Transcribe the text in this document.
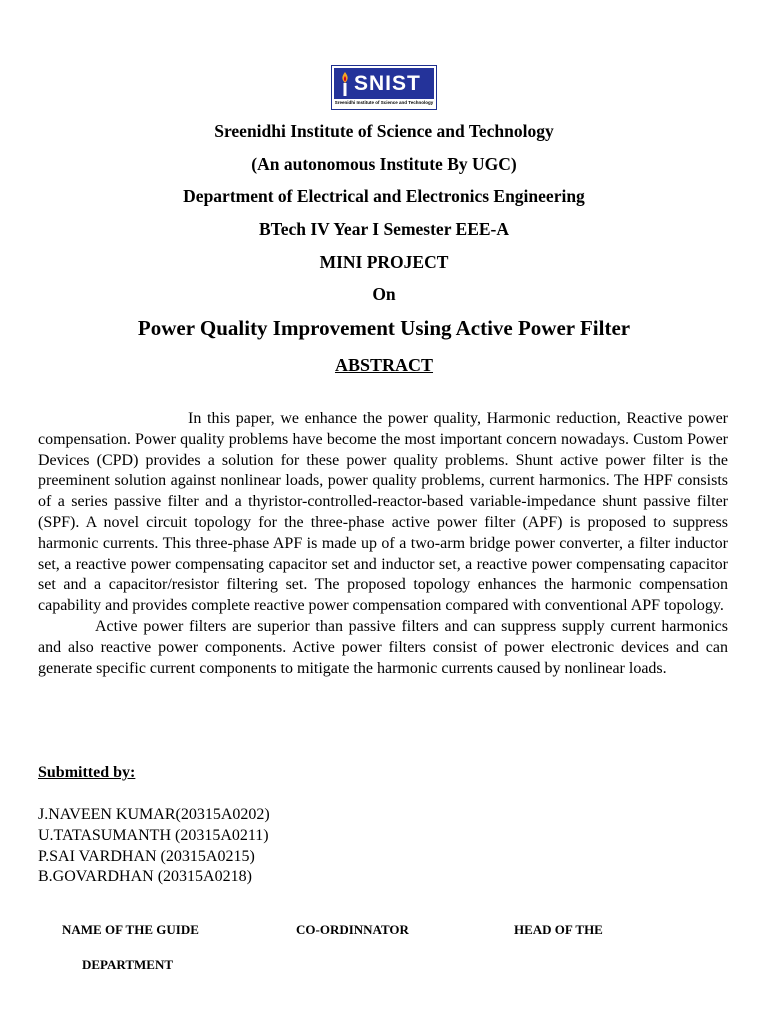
SNIST
Sreenidhi Institute of Science and Technology
Sreenidhi Institute of Science and Technology
(An autonomous Institute By UGC)
Department of Electrical and Electronics Engineering
BTech IV Year I Semester EEE-A
MINI PROJECT
On
Power Quality Improvement Using Active Power Filter
ABSTRACT

In this paper, we enhance the power quality, Harmonic reduction, Reactive power compensation. Power quality problems have become the most important concern nowadays. Custom Power Devices (CPD) provides a solution for these power quality problems. Shunt active power filter is the preeminent solution against nonlinear loads, power quality problems, current harmonics. The HPF consists of a series passive filter and a thyristor-controlled-reactor-based variable-impedance shunt passive filter (SPF). A novel circuit topology for the three-phase active power filter (APF) is proposed to suppress harmonic currents. This three-phase APF is made up of a two-arm bridge power converter, a filter inductor set, a reactive power compensating capacitor set and inductor set, a reactive power compensating capacitor set and a capacitor/resistor filtering set. The proposed topology enhances the harmonic compensation capability and provides complete reactive power compensation compared with conventional APF topology.

Active power filters are superior than passive filters and can suppress supply current harmonics and also reactive power components. Active power filters consist of power electronic devices and can generate specific current components to mitigate the harmonic currents caused by nonlinear loads.

Submitted by:
J.NAVEEN KUMAR(20315A0202)
U.TATASUMANTH (20315A0211)
P.SAI VARDHAN (20315A0215)
B.GOVARDHAN (20315A0218)
NAME OF THE GUIDE	CO-ORDINNATOR	HEAD OF THE
DEPARTMENT
